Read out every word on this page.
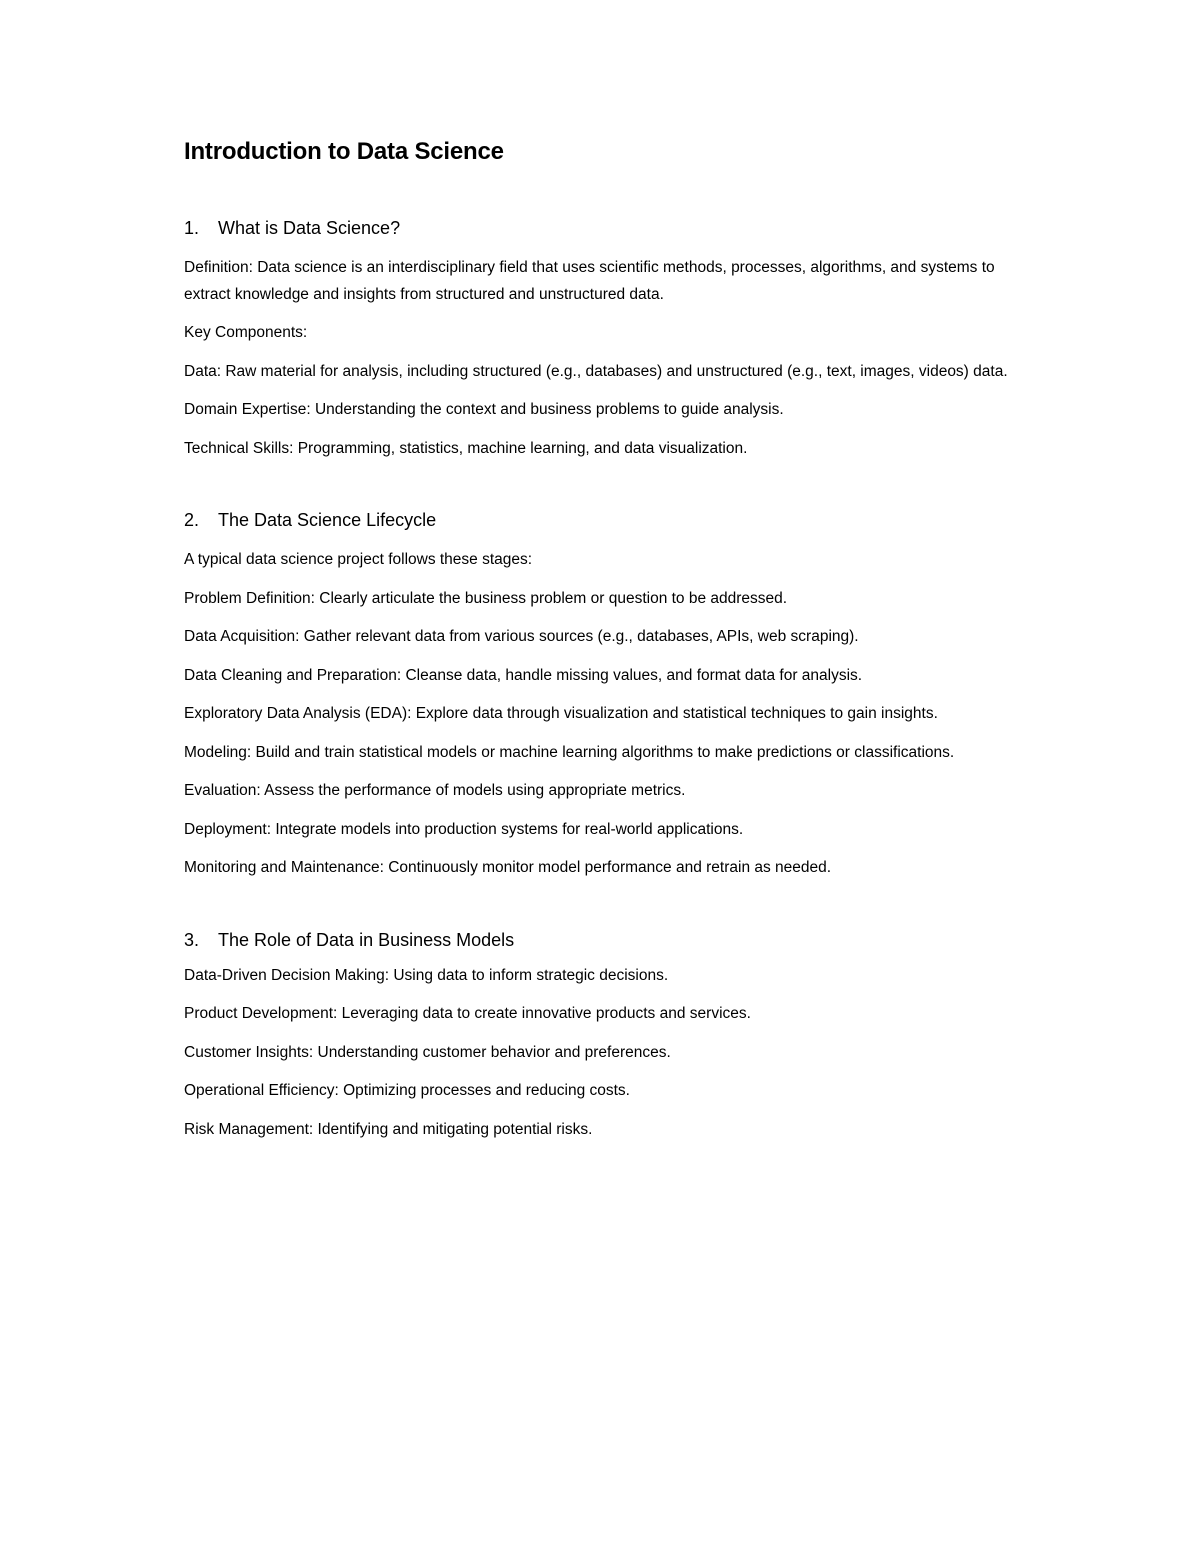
Introduction to Data Science
1.	What is Data Science?

Definition: Data science is an interdisciplinary field that uses scientific methods, processes, algorithms, and systems to extract knowledge and insights from structured and unstructured data.

Key Components:

Data: Raw material for analysis, including structured (e.g., databases) and unstructured (e.g., text, images, videos) data.

Domain Expertise: Understanding the context and business problems to guide analysis.

Technical Skills: Programming, statistics, machine learning, and data visualization.

2.	The Data Science Lifecycle

A typical data science project follows these stages:

Problem Definition: Clearly articulate the business problem or question to be addressed.

Data Acquisition: Gather relevant data from various sources (e.g., databases, APIs, web scraping).

Data Cleaning and Preparation: Cleanse data, handle missing values, and format data for analysis.

Exploratory Data Analysis (EDA): Explore data through visualization and statistical techniques to gain insights.

Modeling: Build and train statistical models or machine learning algorithms to make predictions or classifications.

Evaluation: Assess the performance of models using appropriate metrics.

Deployment: Integrate models into production systems for real-world applications.

Monitoring and Maintenance: Continuously monitor model performance and retrain as needed.

3.	The Role of Data in Business Models

Data-Driven Decision Making: Using data to inform strategic decisions.

Product Development: Leveraging data to create innovative products and services.

Customer Insights: Understanding customer behavior and preferences.

Operational Efficiency: Optimizing processes and reducing costs.

Risk Management: Identifying and mitigating potential risks.
